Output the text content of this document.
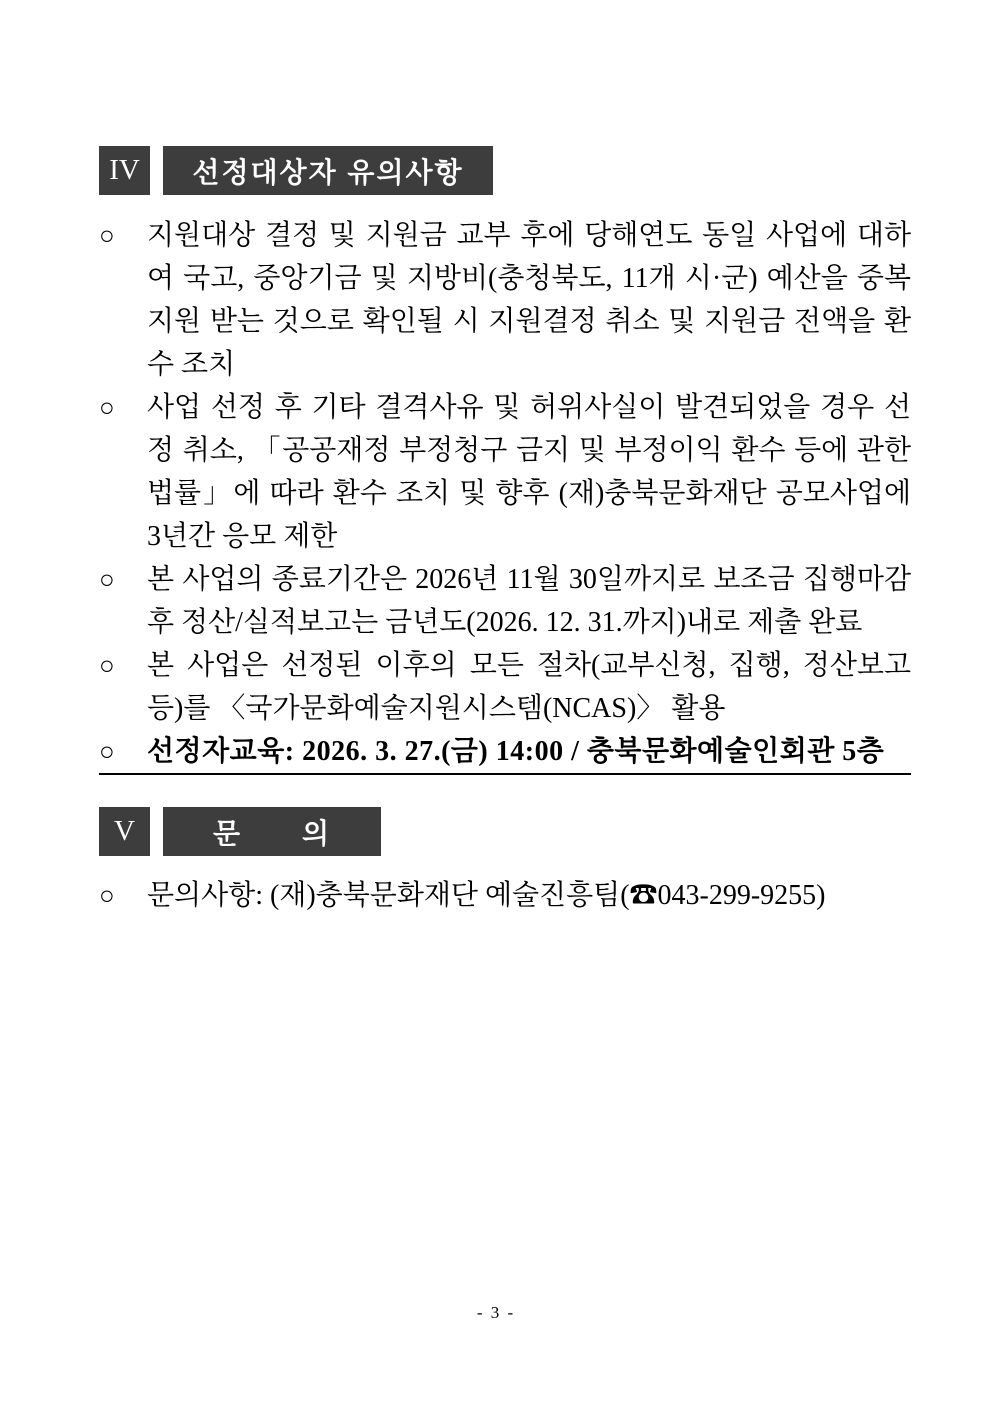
IV	선정대상자 유의사항

○ 지원대상 결정 및 지원금 교부 후에 당해연도 동일 사업에 대하여 국고, 중앙기금 및 지방비(충청북도, 11개 시·군) 예산을 중복지원 받는 것으로 확인될 시 지원결정 취소 및 지원금 전액을 환수 조치

○ 사업 선정 후 기타 결격사유 및 허위사실이 발견되었을 경우 선정 취소, 「공공재정 부정청구 금지 및 부정이익 환수 등에 관한 법률」에 따라 환수 조치 및 향후 (재)충북문화재단 공모사업에 3년간 응모 제한

○ 본 사업의 종료기간은 2026년 11월 30일까지로 보조금 집행마감 후 정산/실적보고는 금년도(2026. 12. 31.까지)내로 제출 완료

○ 본 사업은 선정된 이후의 모든 절차(교부신청, 집행, 정산보고 등)를 〈국가문화예술지원시스템(NCAS)〉 활용

○ 선정자교육: 2026. 3. 27.(금) 14:00 / 충북문화예술인회관 5층

V	문　　의

○ 문의사항: (재)충북문화재단 예술진흥팀(☎043-299-9255)

- 3 -
